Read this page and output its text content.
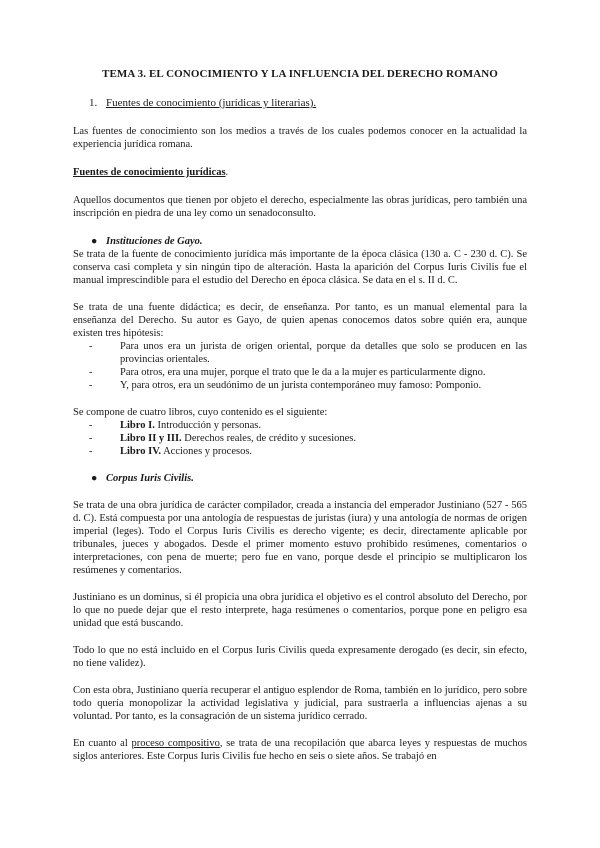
TEMA 3. EL CONOCIMIENTO Y LA INFLUENCIA DEL DERECHO ROMANO

1. Fuentes de conocimiento (jurídicas y literarias).

Las fuentes de conocimiento son los medios a través de los cuales podemos conocer en la actualidad la experiencia jurídica romana.

Fuentes de conocimiento jurídicas.

Aquellos documentos que tienen por objeto el derecho, especialmente las obras jurídicas, pero también una inscripción en piedra de una ley como un senadoconsulto.

● Instituciones de Gayo.

Se trata de la fuente de conocimiento jurídica más importante de la época clásica (130 a. C - 230 d. C). Se conserva casi completa y sin ningún tipo de alteración. Hasta la aparición del Corpus Iuris Civilis fue el manual imprescindible para el estudio del Derecho en época clásica. Se data en el s. II d. C.

Se trata de una fuente didáctica; es decir, de enseñanza. Por tanto, es un manual elemental para la enseñanza del Derecho. Su autor es Gayo, de quien apenas conocemos datos sobre quién era, aunque existen tres hipótesis:

-	Para unos era un jurista de origen oriental, porque da detalles que solo se producen en las provincias orientales.
-	Para otros, era una mujer, porque el trato que le da a la mujer es particularmente digno.
-	Y, para otros, era un seudónimo de un jurista contemporáneo muy famoso: Pomponio.

Se compone de cuatro libros, cuyo contenido es el siguiente:

-	Libro I. Introducción y personas.
-	Libro II y III. Derechos reales, de crédito y sucesiones.
-	Libro IV. Acciones y procesos.

● Corpus Iuris Civilis.

Se trata de una obra jurídica de carácter compilador, creada a instancia del emperador Justiniano (527 - 565 d. C). Está compuesta por una antología de respuestas de juristas (iura) y una antología de normas de origen imperial (leges). Todo el Corpus Iuris Civilis es derecho vigente; es decir, directamente aplicable por tribunales, jueces y abogados. Desde el primer momento estuvo prohibido resúmenes, comentarios o interpretaciones, con pena de muerte; pero fue en vano, porque desde el principio se multiplicaron los resúmenes y comentarios.

Justiniano es un dominus, si él propicia una obra jurídica el objetivo es el control absoluto del Derecho, por lo que no puede dejar que el resto interprete, haga resúmenes o comentarios, porque pone en peligro esa unidad que está buscando.

Todo lo que no está incluido en el Corpus Iuris Civilis queda expresamente derogado (es decir, sin efecto, no tiene validez).

Con esta obra, Justiniano quería recuperar el antiguo esplendor de Roma, también en lo jurídico, pero sobre todo quería monopolizar la actividad legislativa y judicial, para sustraerla a influencias ajenas a su voluntad. Por tanto, es la consagración de un sistema jurídico cerrado.

En cuanto al proceso compositivo, se trata de una recopilación que abarca leyes y respuestas de muchos siglos anteriores. Este Corpus Iuris Civilis fue hecho en seis o siete años. Se trabajó en
